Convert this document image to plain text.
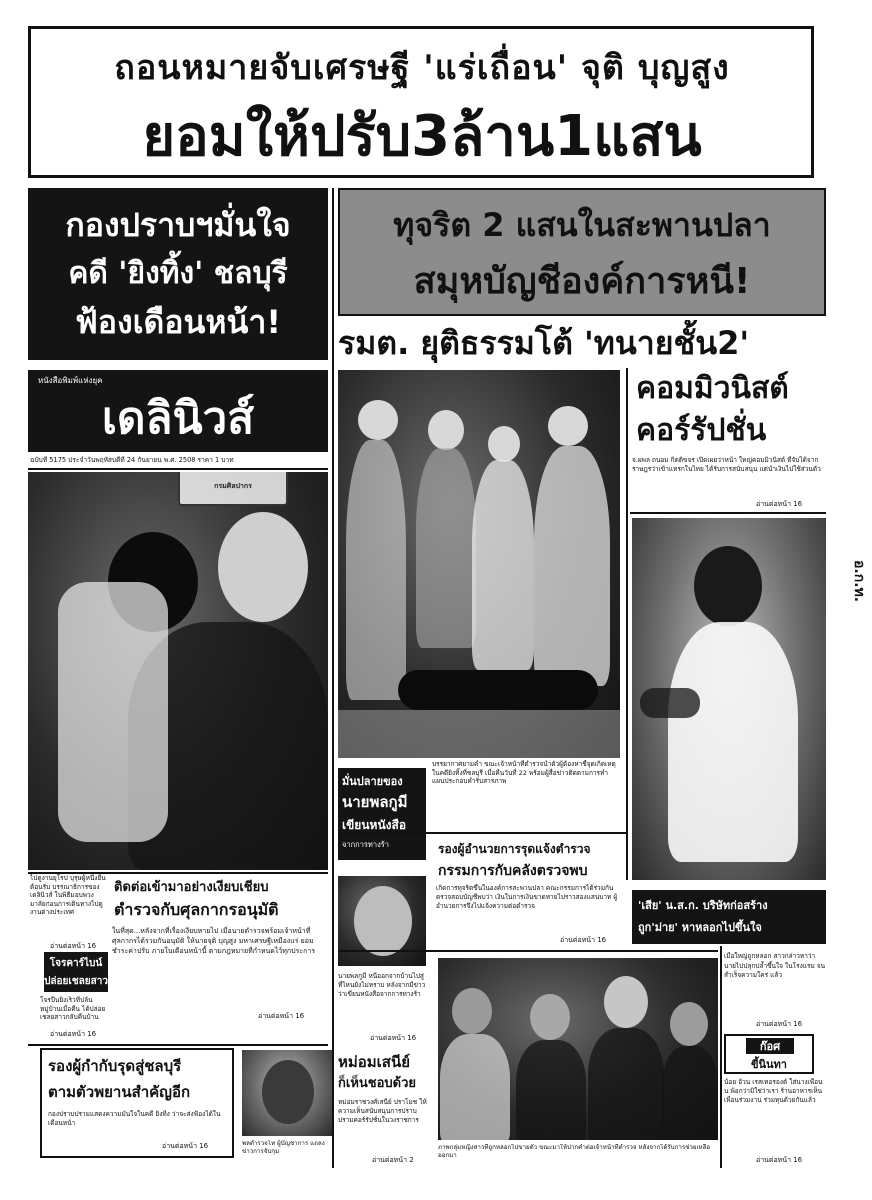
ถอนหมายจับเศรษฐี 'แร่เถื่อน' จุติ บุญสูง
ยอมให้ปรับ3ล้าน1แสน
กองปราบฯมั่นใจ
คดี 'ยิงทิ้ง' ชลบุรี
ฟ้องเดือนหน้า!
ทุจริต 2 แสนในสะพานปลา
สมุหบัญชีองค์การหนี!
รมต. ยุติธรรมโต้ 'ทนายชั้น2'
หนังสือพิมพ์แห่งยุค
เดลินิวส์
ฉบับที่ 5175 ประจำวันพฤหัสบดีที่ 24 กันยายน พ.ศ. 2508 ราคา 1 บาท
กรมศิลปากร
บรรยากาศยามค่ำ ขณะเจ้าหน้าที่ตำรวจนำตัวผู้ต้องหาชี้จุดเกิดเหตุ ในคดียิงทิ้งที่ชลบุรี เมื่อคืนวันที่ 22 พร้อมผู้สื่อข่าวติดตามการทำแผนประกอบคำรับสารภาพ
คอมมิวนิสต์
คอร์รัปชั่น
จ.ผพล ถนอม กิตติขจร เปิดเผยว่าหน้า ใหญ่คอมมิวนิสต์ ที่จับได้จากราษฎรว่าเข้าแทรกในไทย ได้รับการสนับสนุน แต่นำเงินไปใช้ส่วนตัว
อ่านต่อหน้า 16
อ.ก.ท.
ไปดูงานยุโรป บุรุษผู้หนึ่งยืนต้อนรับ บรรณาธิการของเดลินิวส์ ในพิธีมอบพวงมาลัยก่อนการเดินทางไปดูงานต่างประเทศ
อ่านต่อหน้า 16
ติดต่อเข้ามาอย่างเงียบเชียบ
ตำรวจกับศุลกากรอนุมัติ
ในที่สุด...หลังจากที่เรื่องเงียบหายไป เมื่อนายตำรวจพร้อมเจ้าหน้าที่ศุลกากรได้ร่วมกันอนุมัติ ให้นายจุติ บุญสูง มหาเศรษฐีเหมืองแร่ ยอมชำระค่าปรับ ภายในเดือนหน้านี้ ตามกฎหมายที่กำหนดไว้ทุกประการ
อ่านต่อหน้า 16
โจรคาร์ไบน์
ปล่อยเชลยสาว
โจรปืนยิงเร็วที่ปล้นหมู่บ้านเมื่อคืน ได้ปล่อยเชลยสาวกลับคืนบ้าน
อ่านต่อหน้า 16
รองผู้กำกับรุดสู่ชลบุรี
ตามตัวพยานสำคัญอีก
กองปราบปรามแสดงความมั่นใจในคดี ยิงทิ้ง ว่าจะส่งฟ้องได้ในเดือนหน้า
อ่านต่อหน้า 16
มั่นปลายของ
นายพลกูมี
เขียนหนังสือ
จากการทางร้า	รองผู้อำนวยการรุดแจ้งตำรวจ
กรรมการกับคลังตรวจพบ
เกิดการทุจริตขึ้นในองค์การสะพานปลา คณะกรรมการได้ร่วมกันตรวจสอบบัญชีพบว่า เงินในการเงินขาดหายไปราวสองแสนบาท ผู้อำนวยการจึงไปแจ้งความต่อตำรวจ
อ่านต่อหน้า 16
นายพลกูมี หนีออกจากบ้านไปสู่ที่ไหนยังไม่ทราบ หลังจากมีข่าวว่าเขียนหนังสือจากการทางร้า
อ่านต่อหน้า 16
พลตำรวจโท ผู้บัญชาการ แถลงข่าวการจับกุม
หม่อมเสนีย์
ก็เห็นชอบด้วย
หม่อมราชวงศ์เสนีย์ ปราโมช ให้ความเห็นสนับสนุนการปราบปรามคอร์รัปชั่นในวงราชการ
อ่านต่อหน้า 2
ภาพกลุ่มหญิงสาวที่ถูกหลอกไปขายตัว ขณะมาให้ปากคำต่อเจ้าหน้าที่ตำรวจ หลังจากได้รับการช่วยเหลือออกมา
'เสีย' น.ส.ก. บริษัทก่อสร้าง
ถูก'ม่าย' หาหลอกไปขึ้นใจ
เมื่อใหญ่ถูกหลอก สาวกล่าวหาว่า นายไปปลุกปล้ำขึ้นใจ ในโรงแรม จนสำเร็จความใคร่ แล้ว
อ่านต่อหน้า 16
ก๊อศ
ขี้นินทา
น้อย อ้วน เรสเทอรองต์ ใส่นางเพื่อนน พ้อกว่ามิใช่ว่าเรา ร้านอาหารเห็นเพื่อนร่วมงาน ร่วมทุนด้วยกันแล้ว
อ่านต่อหน้า 16
